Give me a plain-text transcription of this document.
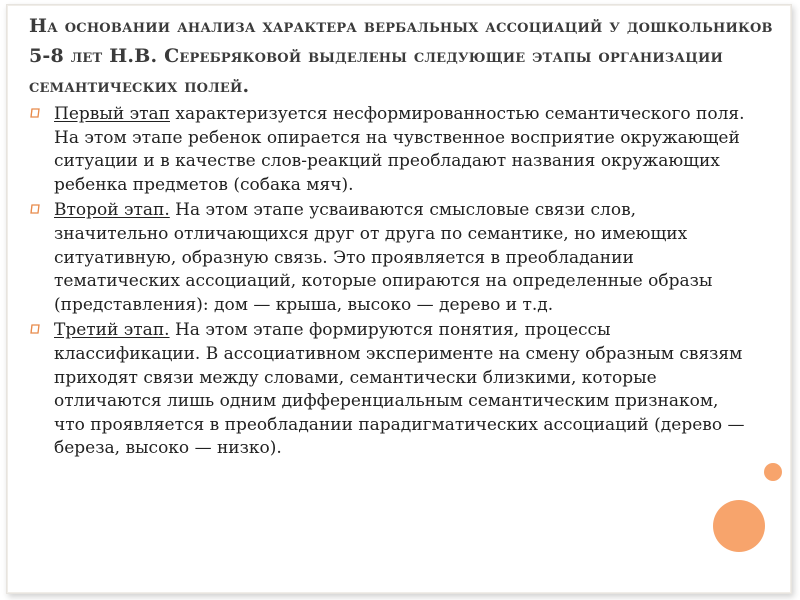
На основании анализа характера вербальных ассоциаций у дошкольников 5-8 лет Н.В. Серебряковой выделены следующие этапы организации семантических полей.
Первый этап характеризуется несформированностью семантического поля. На этом этапе ребенок опирается на чувственное восприятие окружающей ситуации и в качестве слов-реакций преобладают названия окружающих ребенка предметов (собака мяч).
Второй этап. На этом этапе усваиваются смысловые связи слов, значительно отличающихся друг от друга по семантике, но имеющих ситуативную, образную связь. Это проявляется в преобладании тематических ассоциаций, которые опираются на определенные образы (представления): дом — крыша, высоко — дерево и т.д.
Третий этап. На этом этапе формируются понятия, процессы классификации. В ассоциативном эксперименте на смену образным связям приходят связи между словами, семантически близкими, которые отличаются лишь одним дифференциальным семантическим признаком, что проявляется в преобладании парадигматических ассоциаций (дерево — береза, высоко — низко).
